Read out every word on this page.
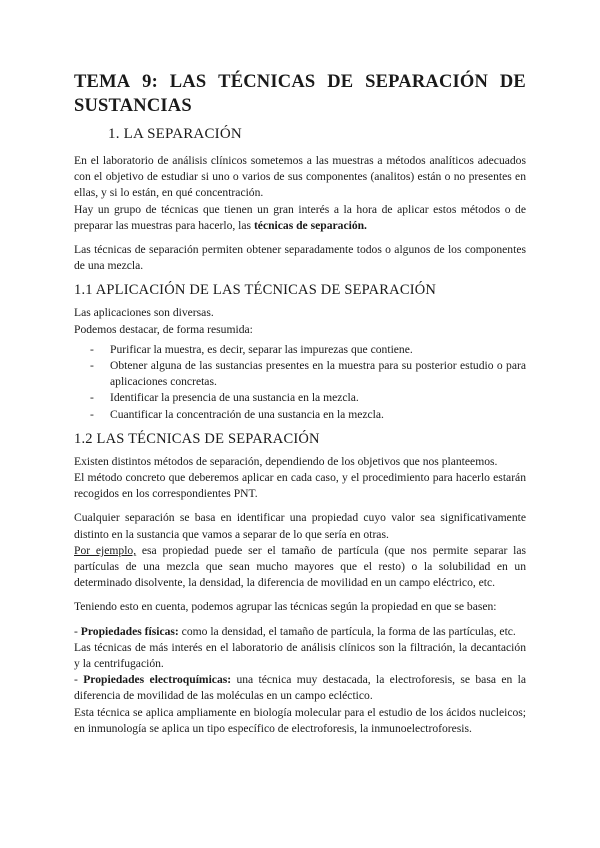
TEMA 9: LAS TÉCNICAS DE SEPARACIÓN DE
SUSTANCIAS
1. LA SEPARACIÓN

En el laboratorio de análisis clínicos sometemos a las muestras a métodos analíticos adecuados con el objetivo de estudiar si uno o varios de sus componentes (analitos) están o no presentes en ellas, y si lo están, en qué concentración.

Hay un grupo de técnicas que tienen un gran interés a la hora de aplicar estos métodos o de preparar las muestras para hacerlo, las técnicas de separación.

Las técnicas de separación permiten obtener separadamente todos o algunos de los componentes de una mezcla.

1.1 APLICACIÓN DE LAS TÉCNICAS DE SEPARACIÓN

Las aplicaciones son diversas.

Podemos destacar, de forma resumida:

- Purificar la muestra, es decir, separar las impurezas que contiene.
- Obtener alguna de las sustancias presentes en la muestra para su posterior estudio o para aplicaciones concretas.
- Identificar la presencia de una sustancia en la mezcla.
- Cuantificar la concentración de una sustancia en la mezcla.
1.2 LAS TÉCNICAS DE SEPARACIÓN

Existen distintos métodos de separación, dependiendo de los objetivos que nos planteemos.

El método concreto que deberemos aplicar en cada caso, y el procedimiento para hacerlo estarán recogidos en los correspondientes PNT.

Cualquier separación se basa en identificar una propiedad cuyo valor sea significativamente distinto en la sustancia que vamos a separar de lo que sería en otras.

Por ejemplo, esa propiedad puede ser el tamaño de partícula (que nos permite separar las partículas de una mezcla que sean mucho mayores que el resto) o la solubilidad en un determinado disolvente, la densidad, la diferencia de movilidad en un campo eléctrico, etc.

Teniendo esto en cuenta, podemos agrupar las técnicas según la propiedad en que se basen:

- Propiedades físicas: como la densidad, el tamaño de partícula, la forma de las partículas, etc.

Las técnicas de más interés en el laboratorio de análisis clínicos son la filtración, la decantación y la centrifugación.

- Propiedades electroquímicas: una técnica muy destacada, la electroforesis, se basa en la diferencia de movilidad de las moléculas en un campo ecléctico.

Esta técnica se aplica ampliamente en biología molecular para el estudio de los ácidos nucleicos; en inmunología se aplica un tipo específico de electroforesis, la inmunoelectroforesis.
